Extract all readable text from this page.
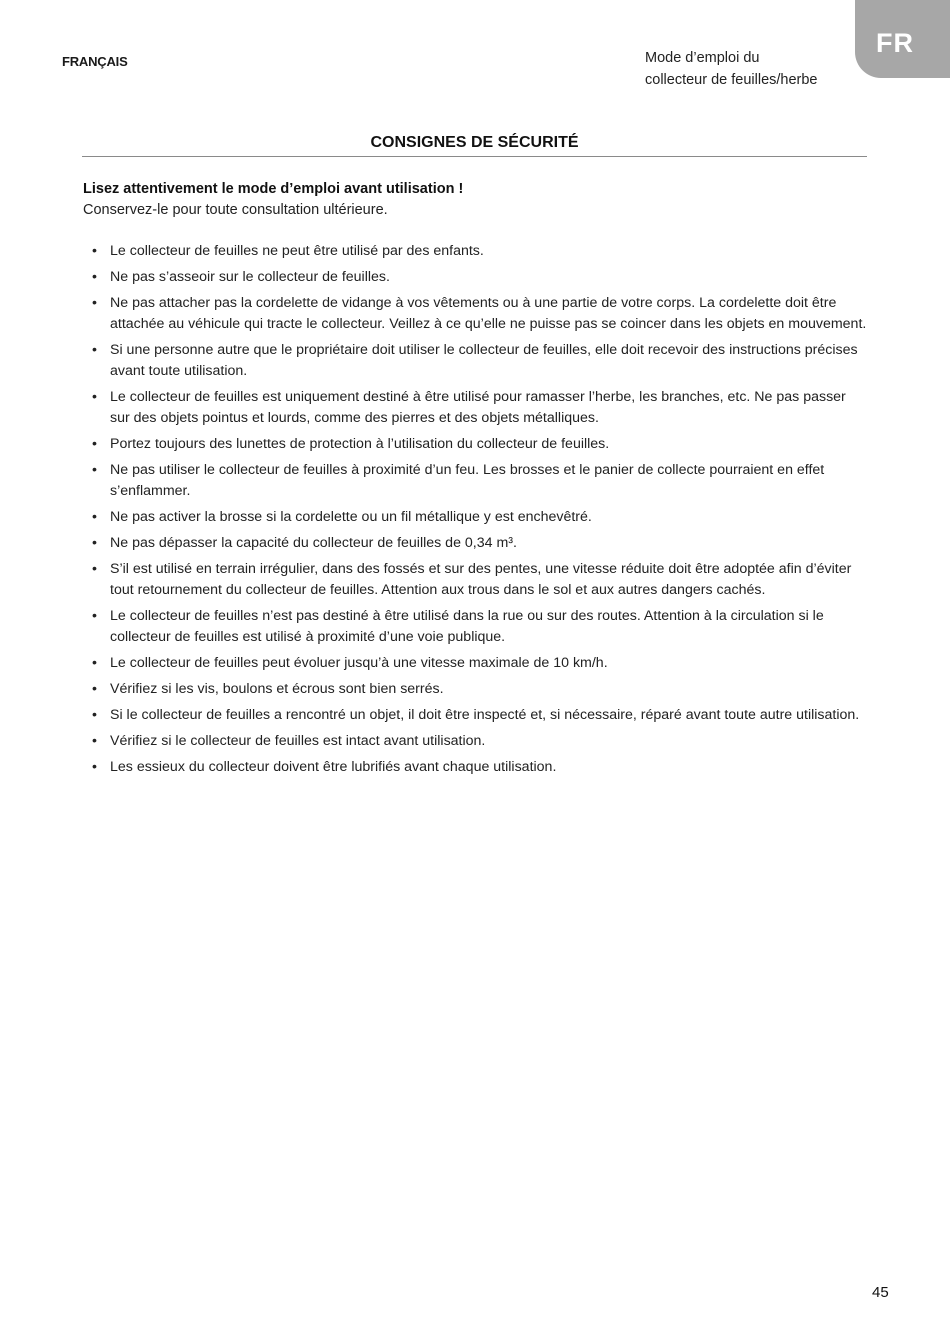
FRANÇAIS	Mode d’emploi du
collecteur de feuilles/herbe
FR
CONSIGNES DE SÉCURITÉ
Lisez attentivement le mode d’emploi avant utilisation !
Conservez-le pour toute consultation ultérieure.
• Le collecteur de feuilles ne peut être utilisé par des enfants.
• Ne pas s’asseoir sur le collecteur de feuilles.
• Ne pas attacher pas la cordelette de vidange à vos vêtements ou à une partie de votre corps. La cordelette doit être attachée au véhicule qui tracte le collecteur. Veillez à ce qu’elle ne puisse pas se coincer dans les objets en mouvement.
• Si une personne autre que le propriétaire doit utiliser le collecteur de feuilles, elle doit recevoir des instructions précises avant toute utilisation.
• Le collecteur de feuilles est uniquement destiné à être utilisé pour ramasser l’herbe, les branches, etc. Ne pas passer sur des objets pointus et lourds, comme des pierres et des objets métalliques.
• Portez toujours des lunettes de protection à l’utilisation du collecteur de feuilles.
• Ne pas utiliser le collecteur de feuilles à proximité d’un feu. Les brosses et le panier de collecte pourraient en effet s’enflammer.
• Ne pas activer la brosse si la cordelette ou un fil métallique y est enchevêtré.
• Ne pas dépasser la capacité du collecteur de feuilles de 0,34 m³.
• S’il est utilisé en terrain irrégulier, dans des fossés et sur des pentes, une vitesse réduite doit être adoptée afin d’éviter tout retournement du collecteur de feuilles. Attention aux trous dans le sol et aux autres dangers cachés.
• Le collecteur de feuilles n’est pas destiné à être utilisé dans la rue ou sur des routes. Attention à la circulation si le collecteur de feuilles est utilisé à proximité d’une voie publique.
• Le collecteur de feuilles peut évoluer jusqu’à une vitesse maximale de 10 km/h.
• Vérifiez si les vis, boulons et écrous sont bien serrés.
• Si le collecteur de feuilles a rencontré un objet, il doit être inspecté et, si nécessaire, réparé avant toute autre utilisation.
• Vérifiez si le collecteur de feuilles est intact avant utilisation.
• Les essieux du collecteur doivent être lubrifiés avant chaque utilisation.
45
